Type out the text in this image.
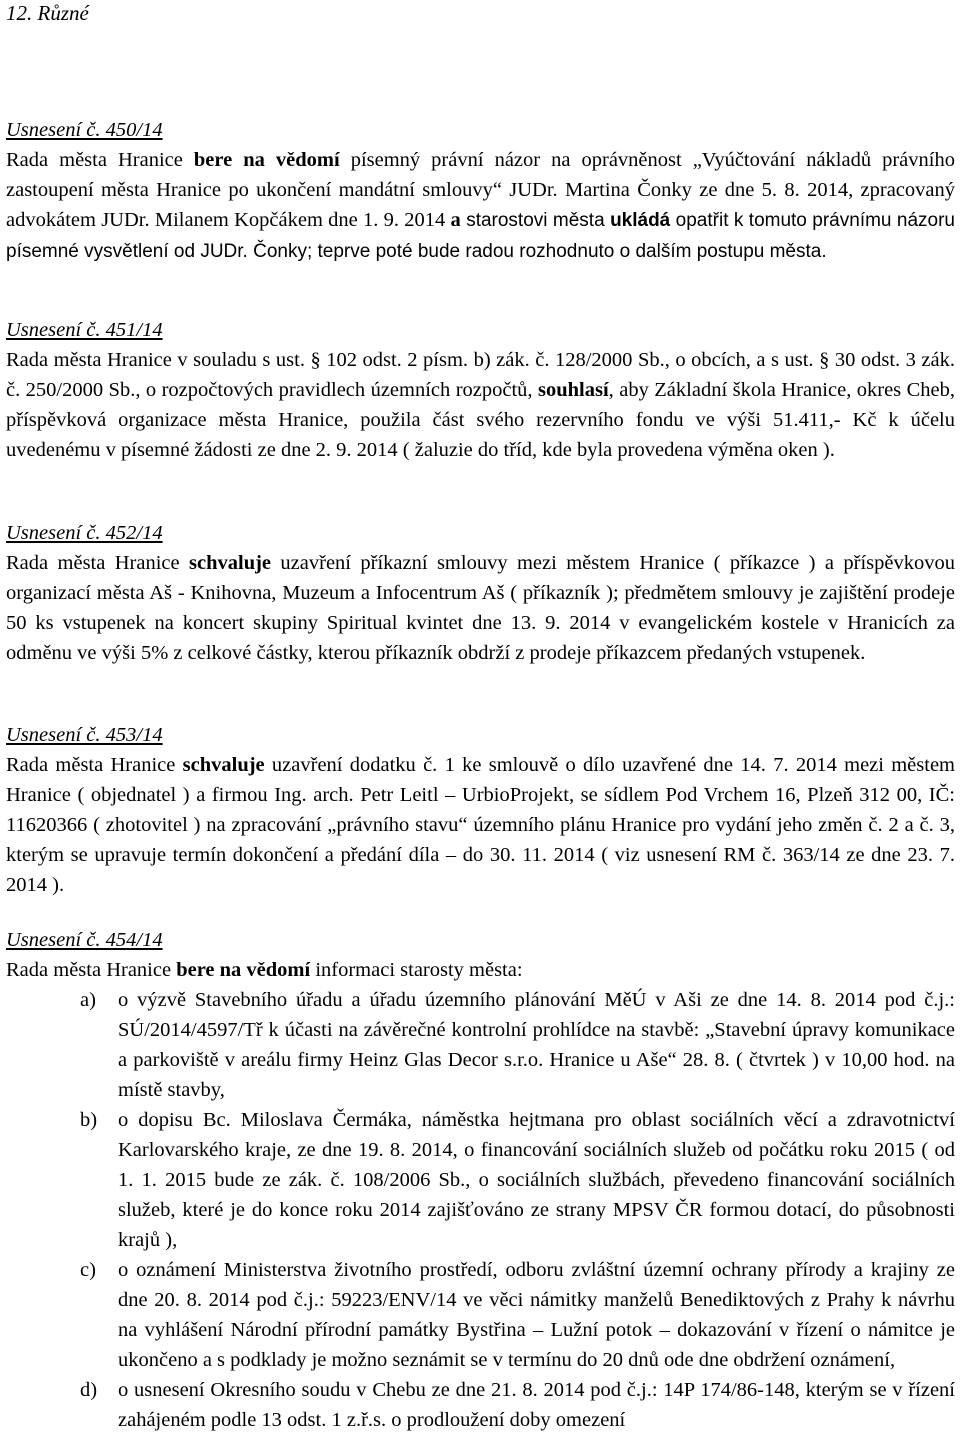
12. Různé

Usnesení č. 450/14

Rada města Hranice bere na vědomí písemný právní názor na oprávněnost „Vyúčtování nákladů právního zastoupení města Hranice po ukončení mandátní smlouvy“ JUDr. Martina Čonky ze dne 5. 8. 2014, zpracovaný advokátem JUDr. Milanem Kopčákem dne 1. 9. 2014 a starostovi města ukládá opatřit k tomuto právnímu názoru písemné vysvětlení od JUDr. Čonky; teprve poté bude radou rozhodnuto o dalším postupu města.

Usnesení č. 451/14

Rada města Hranice v souladu s ust. § 102 odst. 2 písm. b) zák. č. 128/2000 Sb., o obcích, a s ust. § 30 odst. 3 zák. č. 250/2000 Sb., o rozpočtových pravidlech územních rozpočtů, souhlasí, aby Základní škola Hranice, okres Cheb, příspěvková organizace města Hranice, použila část svého rezervního fondu ve výši 51.411,- Kč k účelu uvedenému v písemné žádosti ze dne 2. 9. 2014 ( žaluzie do tříd, kde byla provedena výměna oken ).

Usnesení č. 452/14

Rada města Hranice schvaluje uzavření příkazní smlouvy mezi městem Hranice ( příkazce ) a příspěvkovou organizací města Aš - Knihovna, Muzeum a Infocentrum Aš ( příkazník ); předmětem smlouvy je zajištění prodeje 50 ks vstupenek na koncert skupiny Spiritual kvintet dne 13. 9. 2014 v evangelickém kostele v Hranicích za odměnu ve výši 5% z celkové částky, kterou příkazník obdrží z prodeje příkazcem předaných vstupenek.

Usnesení č. 453/14

Rada města Hranice schvaluje uzavření dodatku č. 1 ke smlouvě o dílo uzavřené dne 14. 7. 2014 mezi městem Hranice ( objednatel ) a firmou Ing. arch. Petr Leitl – UrbioProjekt, se sídlem Pod Vrchem 16, Plzeň 312 00, IČ: 11620366 ( zhotovitel ) na zpracování „právního stavu“ územního plánu Hranice pro vydání jeho změn č. 2 a č. 3, kterým se upravuje termín dokončení a předání díla – do 30. 11. 2014 ( viz usnesení RM č. 363/14 ze dne 23. 7. 2014 ).

Usnesení č. 454/14

Rada města Hranice bere na vědomí informaci starosty města:

a) o výzvě Stavebního úřadu a úřadu územního plánování MěÚ v Aši ze dne 14. 8. 2014 pod č.j.: SÚ/2014/4597/Tř k účasti na závěrečné kontrolní prohlídce na stavbě: „Stavební úpravy komunikace a parkoviště v areálu firmy Heinz Glas Decor s.r.o. Hranice u Aše“ 28. 8. ( čtvrtek ) v 10,00 hod. na místě stavby,
b) o dopisu Bc. Miloslava Čermáka, náměstka hejtmana pro oblast sociálních věcí a zdravotnictví Karlovarského kraje, ze dne 19. 8. 2014, o financování sociálních služeb od počátku roku 2015 ( od 1. 1. 2015 bude ze zák. č. 108/2006 Sb., o sociálních službách, převedeno financování sociálních služeb, které je do konce roku 2014 zajišťováno ze strany MPSV ČR formou dotací, do působnosti krajů ),
c) o oznámení Ministerstva životního prostředí, odboru zvláštní územní ochrany přírody a krajiny ze dne 20. 8. 2014 pod č.j.: 59223/ENV/14 ve věci námitky manželů Benediktových z Prahy k návrhu na vyhlášení Národní přírodní památky Bystřina – Lužní potok – dokazování v řízení o námitce je ukončeno a s podklady je možno seznámit se v termínu do 20 dnů ode dne obdržení oznámení,
d) o usnesení Okresního soudu v Chebu ze dne 21. 8. 2014 pod č.j.: 14P 174/86-148, kterým se v řízení zahájeném podle 13 odst. 1 z.ř.s. o prodloužení doby omezení
